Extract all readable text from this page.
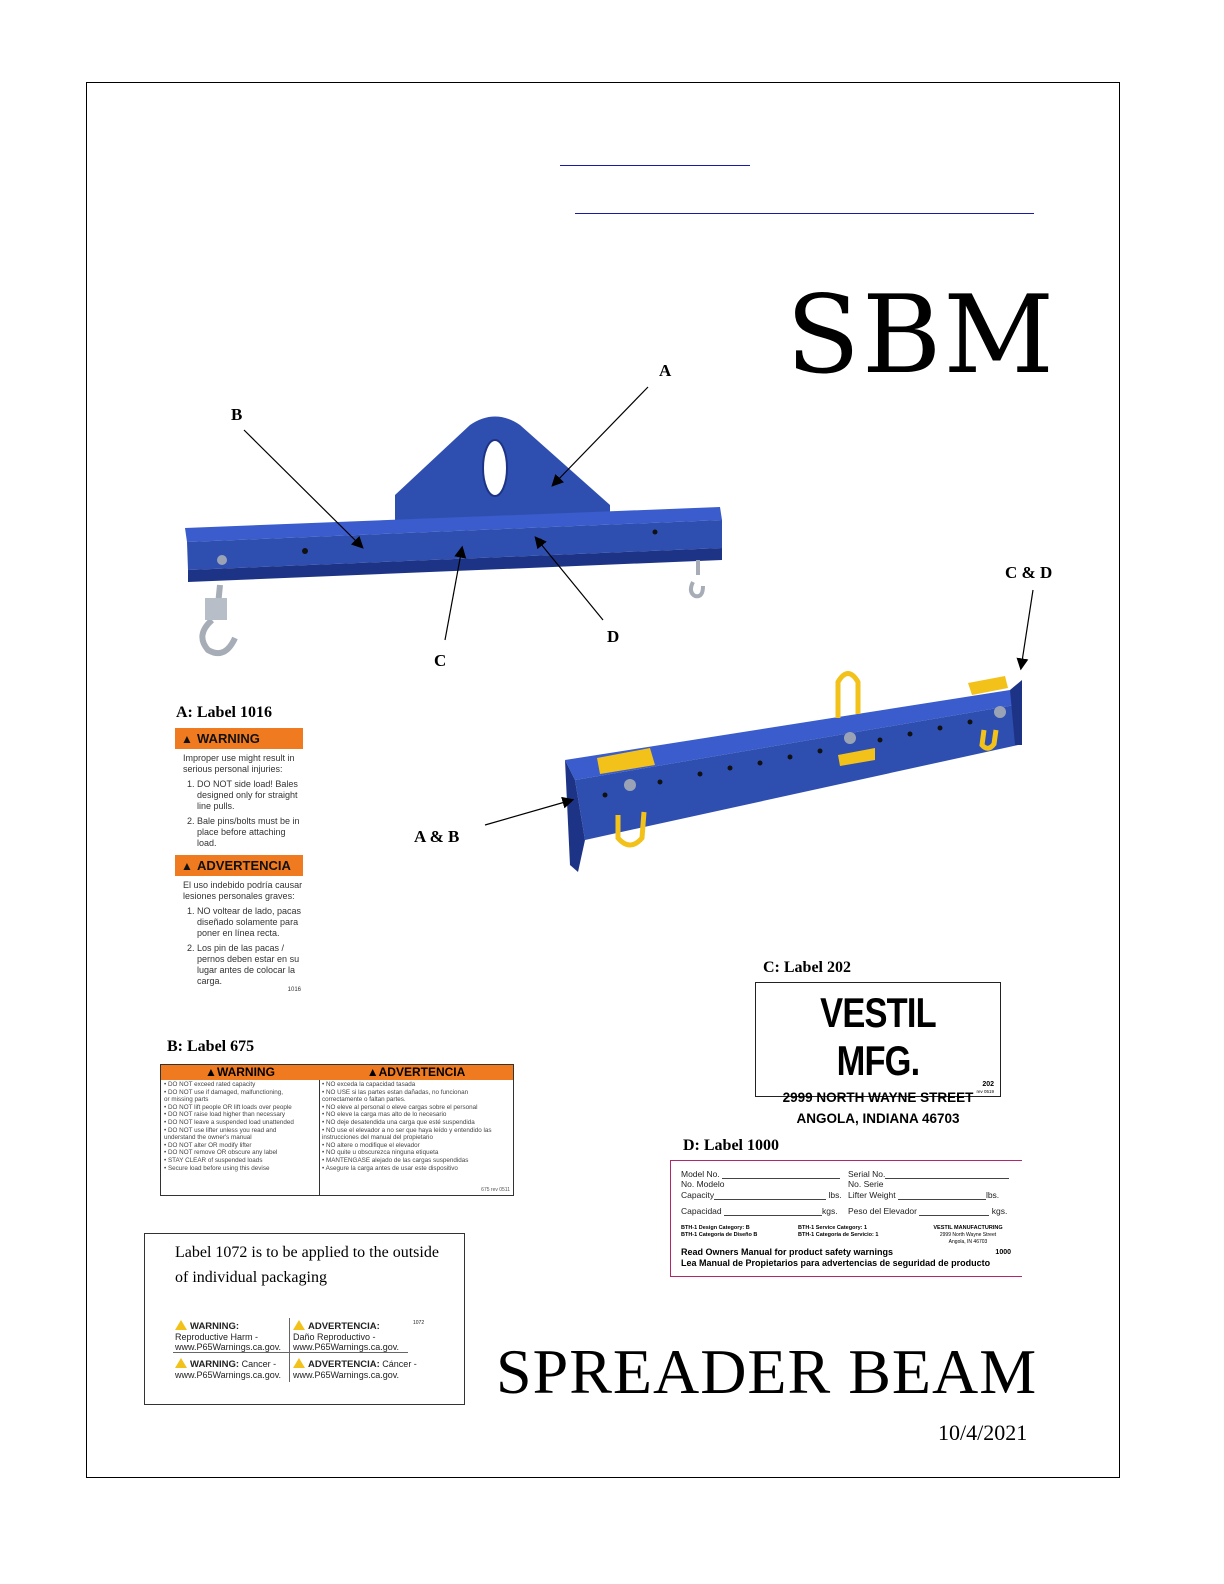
SBM
A
B
C
D
C & D
A & B
A: Label 1016
▲ WARNING

Improper use might result in serious personal injuries:

1. DO NOT side load! Bales designed only for straight line pulls.
2. Bale pins/bolts must be in place before attaching load.
▲ ADVERTENCIA

El uso indebido podría causar lesiones personales graves:

1. NO voltear de lado, pacas diseñado solamente para poner en línea recta.
2. Los pin de las pacas / pernos deben estar en su lugar antes de colocar la carga.
1016
B: Label 675
▲WARNING
• DO NOT exceed rated capacity
• DO NOT use if damaged, malfunctioning,
or missing parts
• DO NOT lift people OR lift loads over people
• DO NOT raise load higher than necessary
• DO NOT leave a suspended load unattended
• DO NOT use lifter unless you read and
understand the owner's manual
• DO NOT alter OR modify lifter
• DO NOT remove OR obscure any label
• STAY CLEAR of suspended loads
• Secure load before using this devise
▲ADVERTENCIA
• NO exceda la capacidad tasada
• NO USE si las partes estan dañadas, no funcionan
correctamente o faltan partes.
• NO eleve al personal o eleve cargas sobre el personal
• NO eleve la carga mas alto de lo necesario
• NO deje desatendida una carga que esté suspendida
• NO use el elevador a no ser que haya leído y entendido las
instrucciones del manual del propietario
• NO altere o modifique el elevador
• NO quite u obscurezca ninguna etiqueta
• MANTENGASE alejado de las cargas suspendidas
• Asegure la carga antes de usar este dispositivo
675 rev 0511
C: Label 202
VESTIL MFG.
2999 NORTH WAYNE STREET
ANGOLA, INDIANA 46703
202
rev 0519
D: Label 1000
Model No.
No. Modelo
Capacity	lbs.
Capacidad	kgs.
Serial No.
No. Serie
Lifter Weight	lbs.
Peso del Elevador	kgs.
BTH-1 Design Category: B
BTH-1 Categoría de Diseño B
BTH-1 Service Category: 1
BTH-1 Categoría de Servicio: 1
VESTIL MANUFACTURING
2999 North Wayne Street
Angola, IN 46703
Read Owners Manual for product safety warnings	1000

Lea Manual de Propietarios para advertencias de seguridad de producto
Label 1072 is to be applied to the outside of individual packaging
WARNING:
Reproductive Harm -
www.P65Warnings.ca.gov.
ADVERTENCIA:
Daño Reproductivo -
www.P65Warnings.ca.gov.
WARNING: Cancer -
www.P65Warnings.ca.gov.
ADVERTENCIA: Cáncer -
www.P65Warnings.ca.gov.
1072
SPREADER BEAM
10/4/2021
